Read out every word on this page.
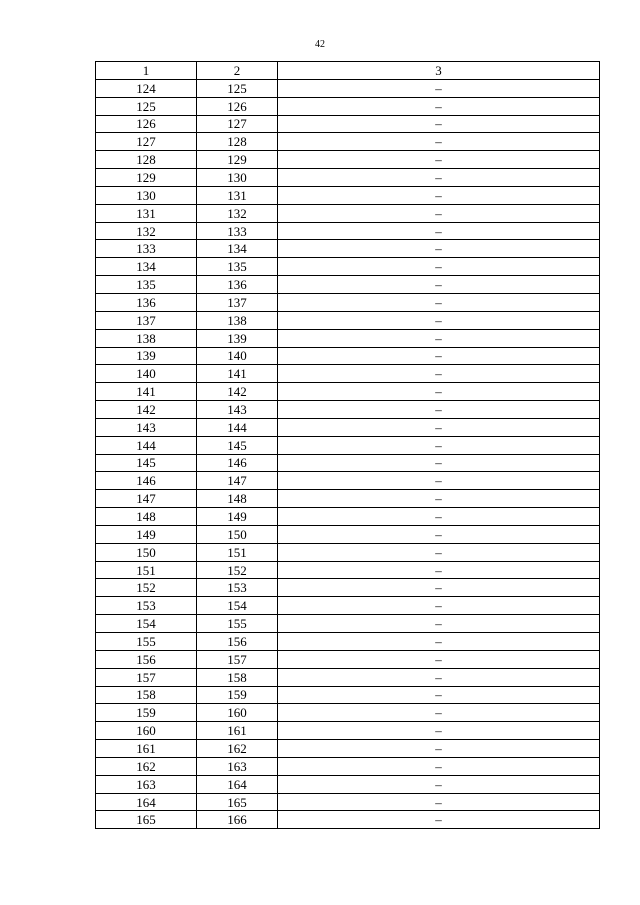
42
1	2	3
124	125	–
125	126	–
126	127	–
127	128	–
128	129	–
129	130	–
130	131	–
131	132	–
132	133	–
133	134	–
134	135	–
135	136	–
136	137	–
137	138	–
138	139	–
139	140	–
140	141	–
141	142	–
142	143	–
143	144	–
144	145	–
145	146	–
146	147	–
147	148	–
148	149	–
149	150	–
150	151	–
151	152	–
152	153	–
153	154	–
154	155	–
155	156	–
156	157	–
157	158	–
158	159	–
159	160	–
160	161	–
161	162	–
162	163	–
163	164	–
164	165	–
165	166	–
